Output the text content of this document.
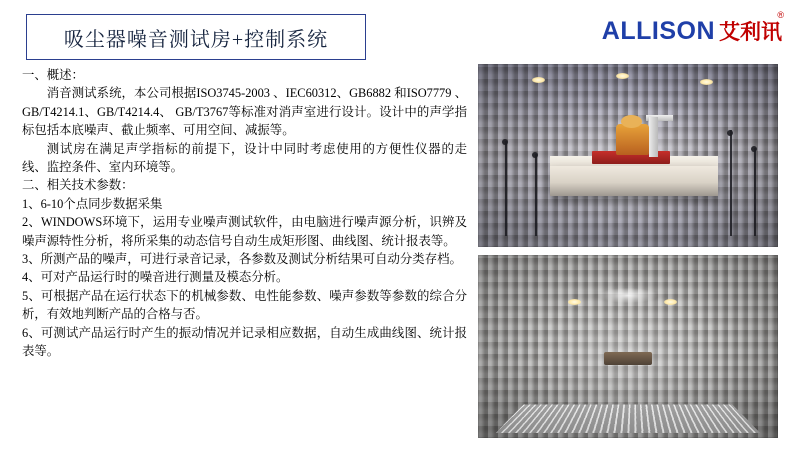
吸尘器噪音测试房+控制系统	ALLISON 艾利讯
®

一、概述：

消音测试系统，本公司根据ISO3745-2003 、IEC60312、GB6882 和ISO7779 、GB/T4214.1、GB/T4214.4、 GB/T3767等标准对消声室进行设计。设计中的声学指标包括本底噪声、截止频率、可用空间、减振等。

测试房在满足声学指标的前提下，设计中同时考虑使用的方便性仪器的走线、监控条件、室内环境等。

二、相关技术参数：

1、6-10个点同步数据采集

2、WINDOWS环境下，运用专业噪声测试软件，由电脑进行噪声源分析，识辨及噪声源特性分析，将所采集的动态信号自动生成矩形图、曲线图、统计报表等。

3、所测产品的噪声，可进行录音记录，各参数及测试分析结果可自动分类存档。

4、可对产品运行时的噪音进行测量及模态分析。

5、可根据产品在运行状态下的机械参数、电性能参数、噪声参数等参数的综合分析，有效地判断产品的合格与否。

6、可测试产品运行时产生的振动情况并记录相应数据，自动生成曲线图、统计报表等。
